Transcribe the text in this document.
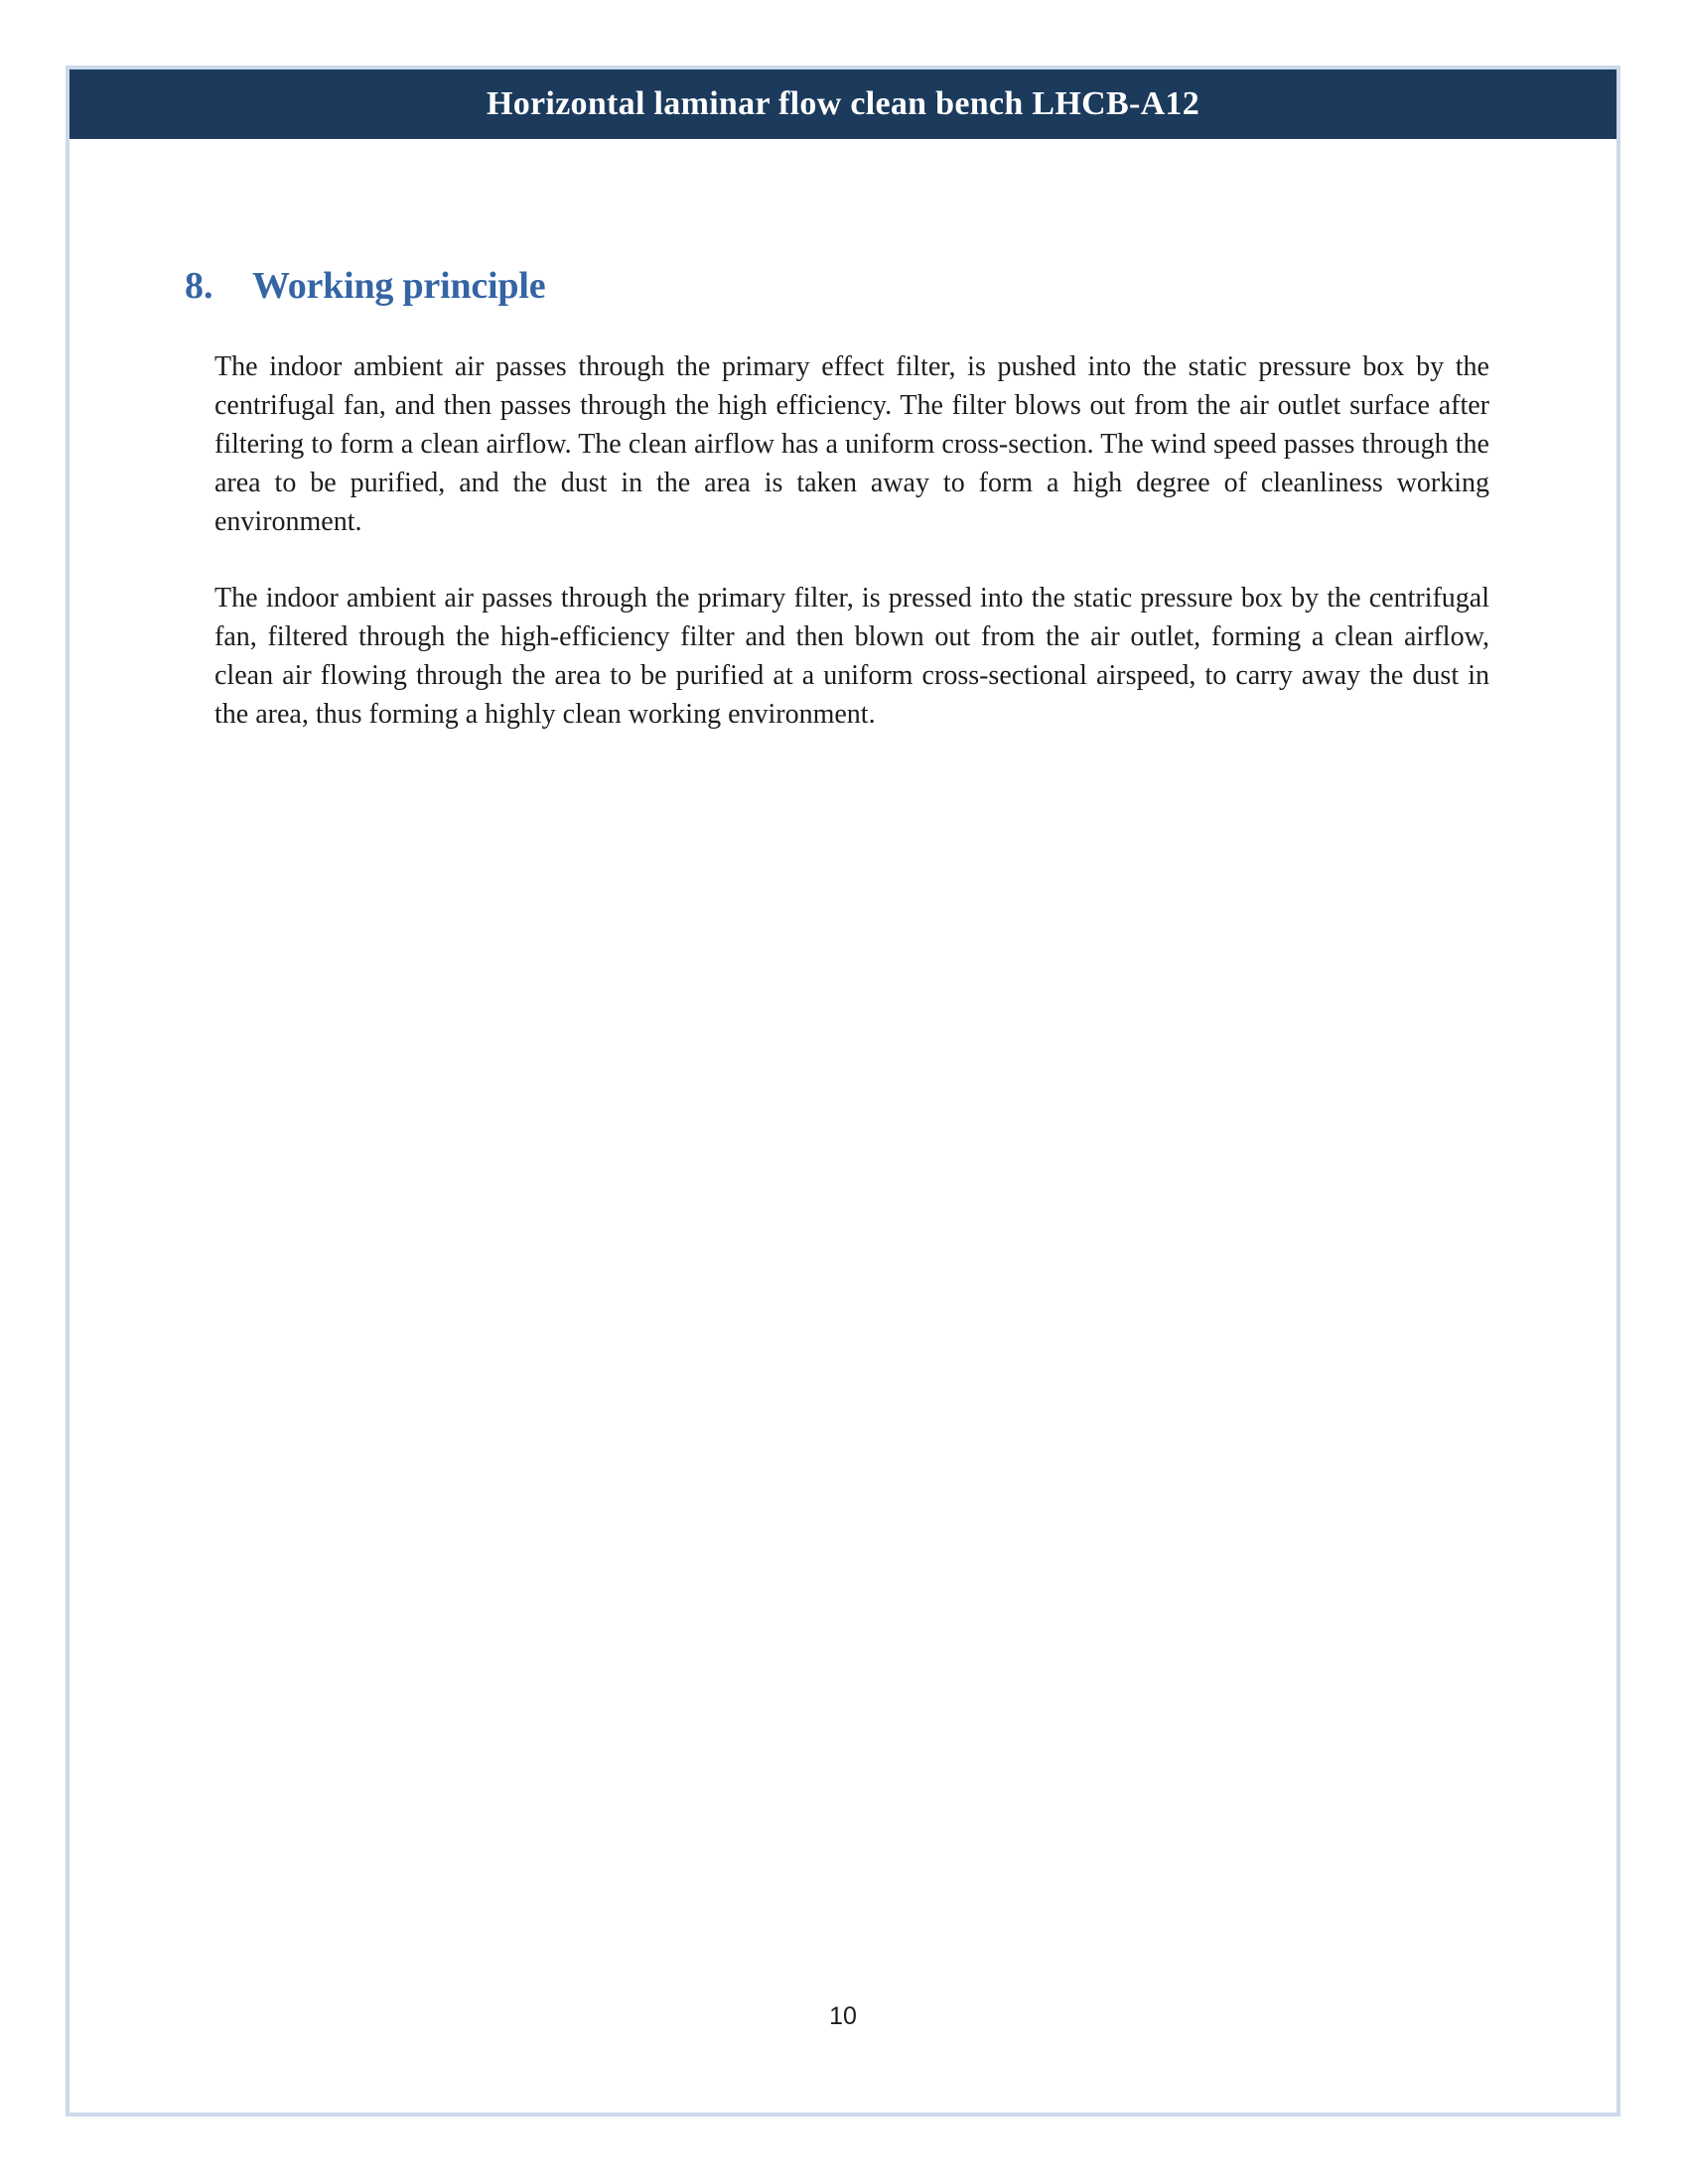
Horizontal laminar flow clean bench LHCB-A12
8.	Working principle

The indoor ambient air passes through the primary effect filter, is pushed into the static pressure box by the centrifugal fan, and then passes through the high efficiency. The filter blows out from the air outlet surface after filtering to form a clean airflow. The clean airflow has a uniform cross-section. The wind speed passes through the area to be purified, and the dust in the area is taken away to form a high degree of cleanliness working environment.

The indoor ambient air passes through the primary filter, is pressed into the static pressure box by the centrifugal fan, filtered through the high-efficiency filter and then blown out from the air outlet, forming a clean airflow, clean air flowing through the area to be purified at a uniform cross-sectional airspeed, to carry away the dust in the area, thus forming a highly clean working environment.

10
